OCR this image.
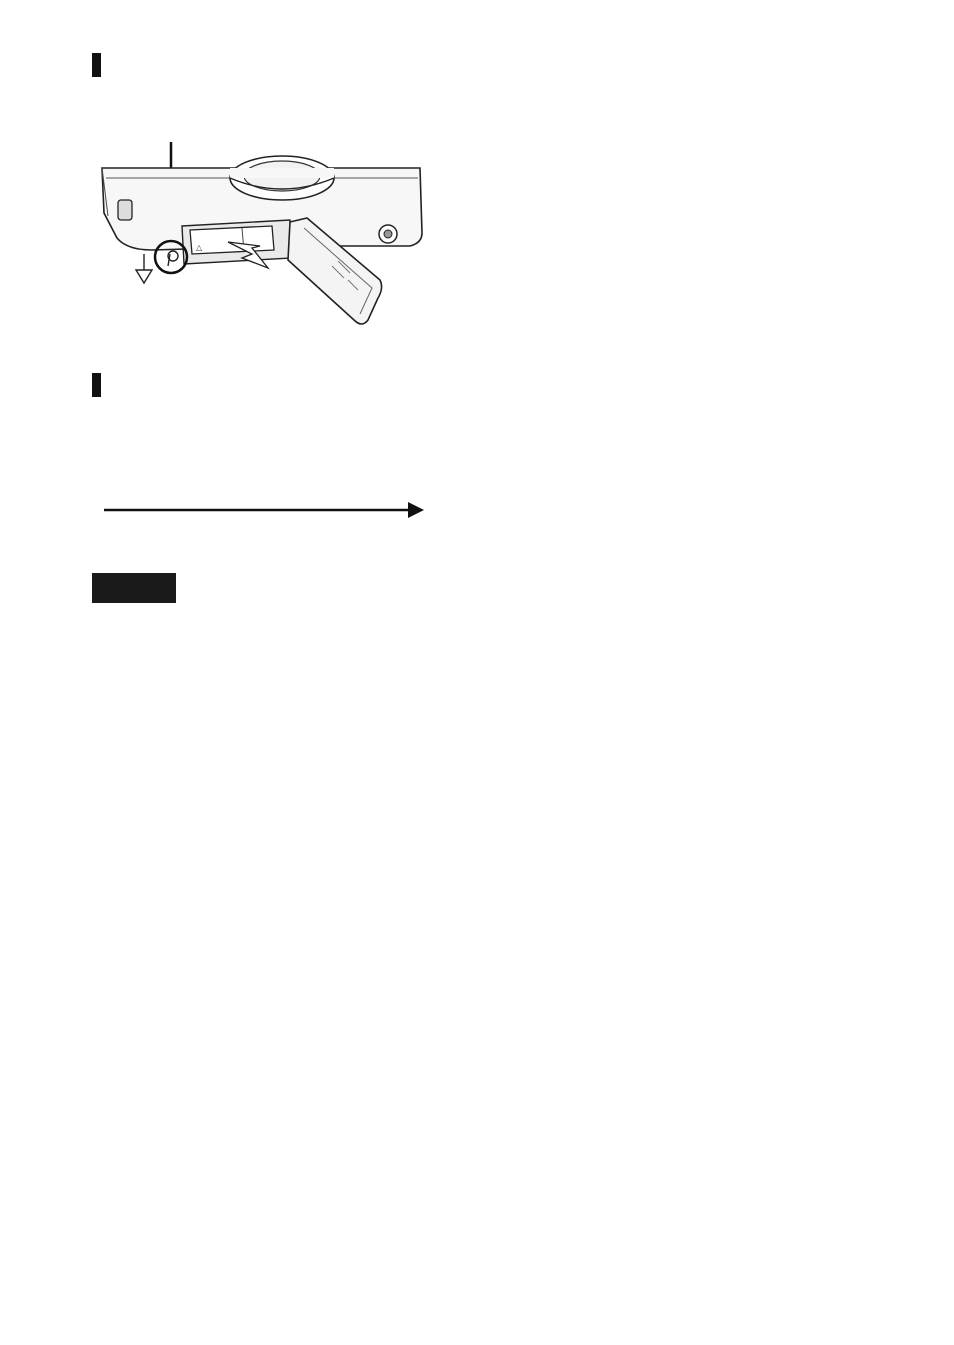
△
